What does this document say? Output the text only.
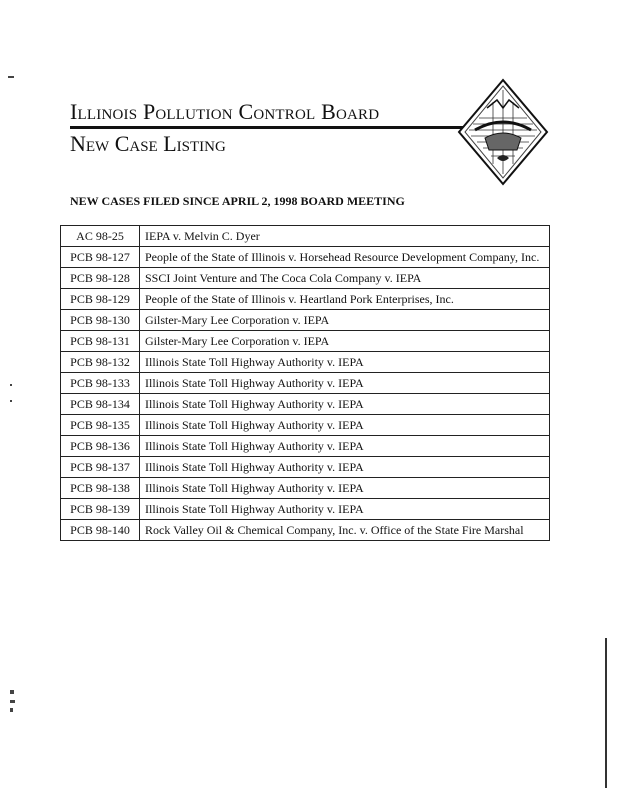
Illinois Pollution Control Board
New Case Listing
NEW CASES FILED SINCE APRIL 2, 1998 BOARD MEETING
AC 98-25	IEPA v. Melvin C. Dyer
PCB 98-127	People of the State of Illinois v. Horsehead Resource Development Company, Inc.
PCB 98-128	SSCI Joint Venture and The Coca Cola Company v. IEPA
PCB 98-129	People of the State of Illinois v. Heartland Pork Enterprises, Inc.
PCB 98-130	Gilster-Mary Lee Corporation v. IEPA
PCB 98-131	Gilster-Mary Lee Corporation v. IEPA
PCB 98-132	Illinois State Toll Highway Authority v. IEPA
PCB 98-133	Illinois State Toll Highway Authority v. IEPA
PCB 98-134	Illinois State Toll Highway Authority v. IEPA
PCB 98-135	Illinois State Toll Highway Authority v. IEPA
PCB 98-136	Illinois State Toll Highway Authority v. IEPA
PCB 98-137	Illinois State Toll Highway Authority v. IEPA
PCB 98-138	Illinois State Toll Highway Authority v. IEPA
PCB 98-139	Illinois State Toll Highway Authority v. IEPA
PCB 98-140	Rock Valley Oil & Chemical Company, Inc. v. Office of the State Fire Marshal
